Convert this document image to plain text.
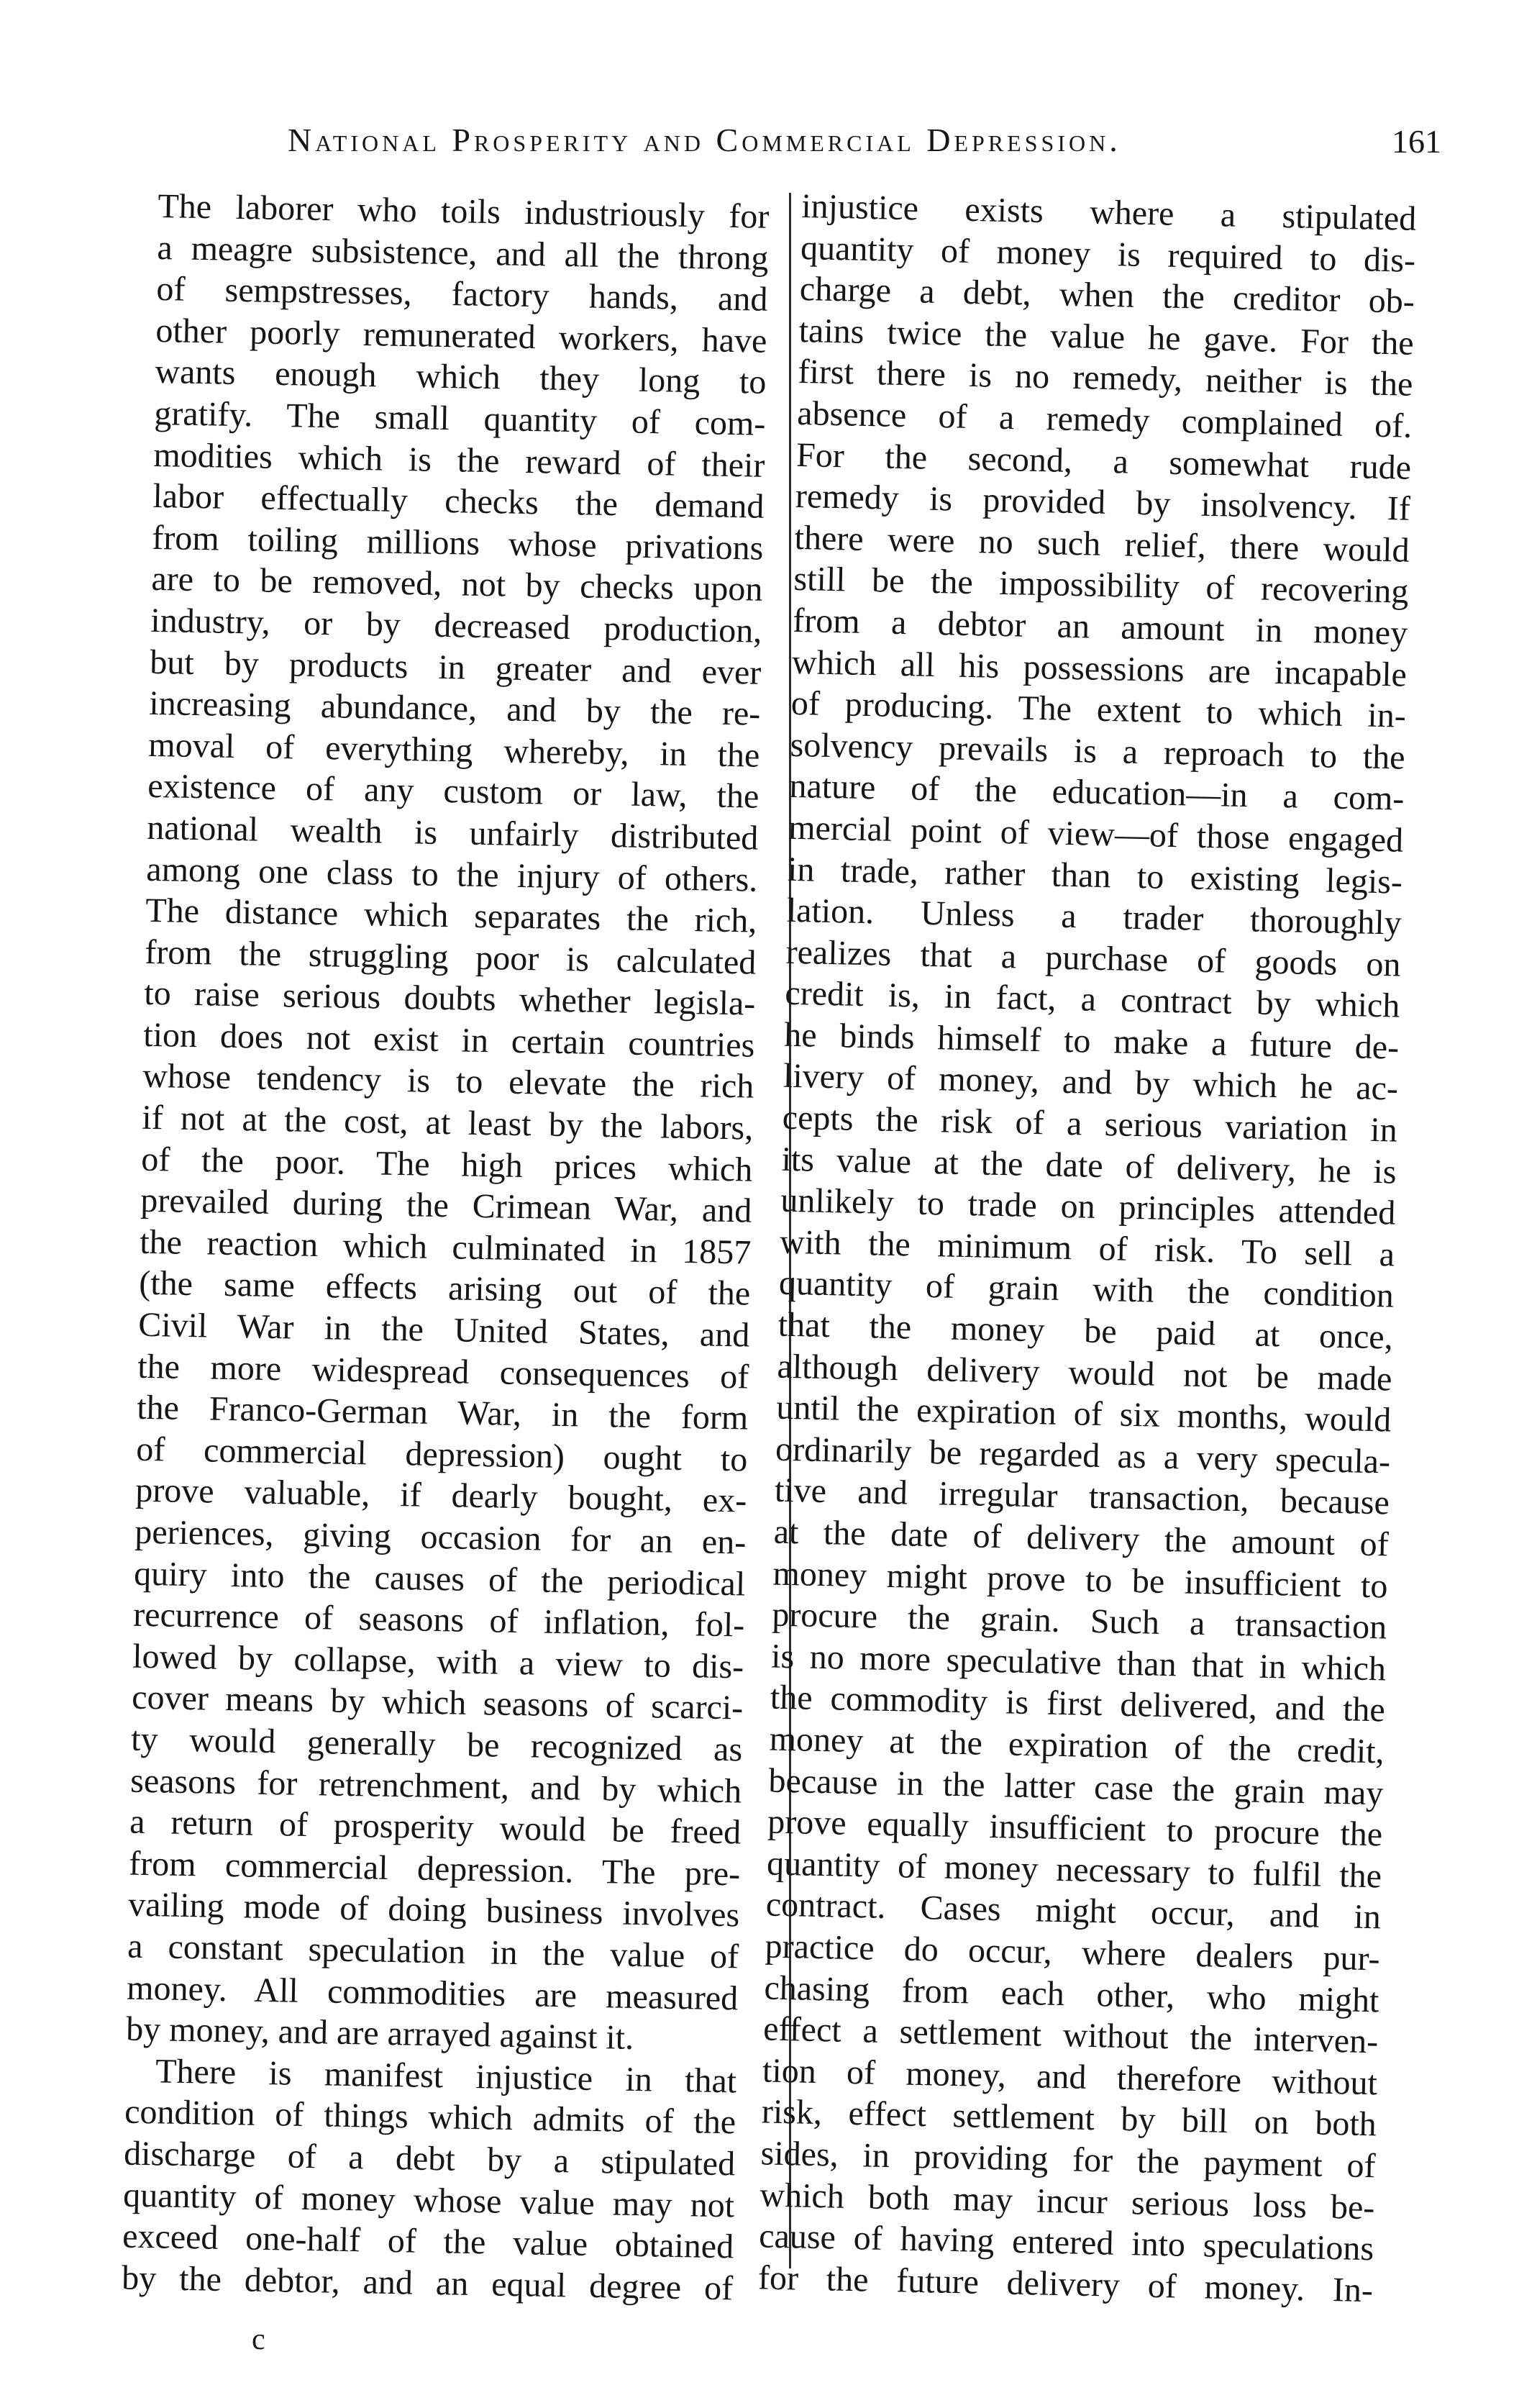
National Prosperity and Commercial Depression.	161
The laborer who toils industriously for
a meagre subsistence, and all the throng
of sempstresses, factory hands, and
other poorly remunerated workers, have
wants enough which they long to
gratify. The small quantity of com-
modities which is the reward of their
labor effectually checks the demand
from toiling millions whose privations
are to be removed, not by checks upon
industry, or by decreased production,
but by products in greater and ever
increasing abundance, and by the re-
moval of everything whereby, in the
existence of any custom or law, the
national wealth is unfairly distributed
among one class to the injury of others.
The distance which separates the rich,
from the struggling poor is calculated
to raise serious doubts whether legisla-
tion does not exist in certain countries
whose tendency is to elevate the rich
if not at the cost, at least by the labors,
of the poor. The high prices which
prevailed during the Crimean War, and
the reaction which culminated in 1857
(the same effects arising out of the
Civil War in the United States, and
the more widespread consequences of
the Franco-German War, in the form
of commercial depression) ought to
prove valuable, if dearly bought, ex-
periences, giving occasion for an en-
quiry into the causes of the periodical
recurrence of seasons of inflation, fol-
lowed by collapse, with a view to dis-
cover means by which seasons of scarci-
ty would generally be recognized as
seasons for retrenchment, and by which
a return of prosperity would be freed
from commercial depression. The pre-
vailing mode of doing business involves
a constant speculation in the value of
money. All commodities are measured
by money, and are arrayed against it.
There is manifest injustice in that
condition of things which admits of the
discharge of a debt by a stipulated
quantity of money whose value may not
exceed one-half of the value obtained
by the debtor, and an equal degree of
injustice exists where a stipulated
quantity of money is required to dis-
charge a debt, when the creditor ob-
tains twice the value he gave. For the
first there is no remedy, neither is the
absence of a remedy complained of.
For the second, a somewhat rude
remedy is provided by insolvency. If
there were no such relief, there would
still be the impossibility of recovering
from a debtor an amount in money
which all his possessions are incapable
of producing. The extent to which in-
solvency prevails is a reproach to the
nature of the education—in a com-
mercial point of view—of those engaged
in trade, rather than to existing legis-
lation. Unless a trader thoroughly
realizes that a purchase of goods on
credit is, in fact, a contract by which
he binds himself to make a future de-
livery of money, and by which he ac-
cepts the risk of a serious variation in
its value at the date of delivery, he is
unlikely to trade on principles attended
with the minimum of risk. To sell a
quantity of grain with the condition
that the money be paid at once,
although delivery would not be made
until the expiration of six months, would
ordinarily be regarded as a very specula-
tive and irregular transaction, because
at the date of delivery the amount of
money might prove to be insufficient to
procure the grain. Such a transaction
is no more speculative than that in which
the commodity is first delivered, and the
money at the expiration of the credit,
because in the latter case the grain may
prove equally insufficient to procure the
quantity of money necessary to fulfil the
contract. Cases might occur, and in
practice do occur, where dealers pur-
chasing from each other, who might
effect a settlement without the interven-
tion of money, and therefore without
risk, effect settlement by bill on both
sides, in providing for the payment of
which both may incur serious loss be-
cause of having entered into speculations
for the future delivery of money. In-
c
